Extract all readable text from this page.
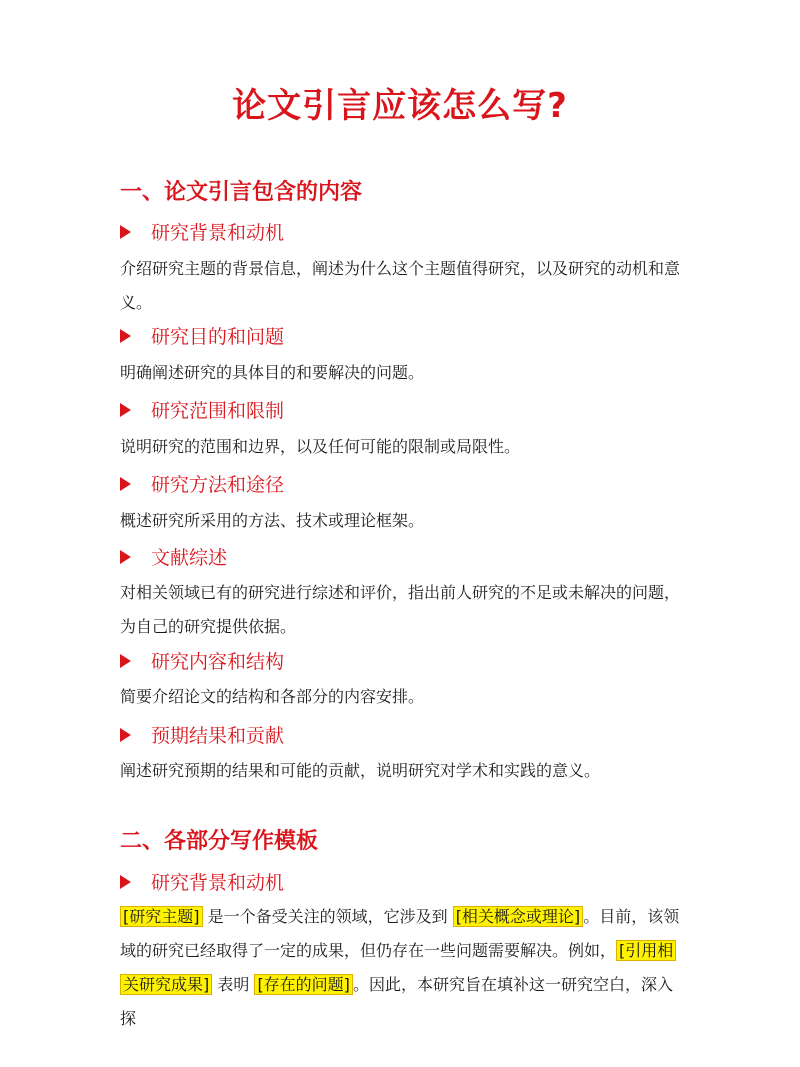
论文引言应该怎么写?
一、论文引言包含的内容
研究背景和动机
介绍研究主题的背景信息，阐述为什么这个主题值得研究，以及研究的动机和意
义。
研究目的和问题
明确阐述研究的具体目的和要解决的问题。
研究范围和限制
说明研究的范围和边界，以及任何可能的限制或局限性。
研究方法和途径
概述研究所采用的方法、技术或理论框架。
文献综述
对相关领域已有的研究进行综述和评价，指出前人研究的不足或未解决的问题，
为自己的研究提供依据。
研究内容和结构
简要介绍论文的结构和各部分的内容安排。
预期结果和贡献
阐述研究预期的结果和可能的贡献，说明研究对学术和实践的意义。
二、各部分写作模板
研究背景和动机
[研究主题] 是一个备受关注的领域，它涉及到 [相关概念或理论] 。目前，该领
域的研究已经取得了一定的成果，但仍存在一些问题需要解决。例如， [引用相
关研究成果] 表明 [存在的问题] 。因此，本研究旨在填补这一研究空白，深入探
